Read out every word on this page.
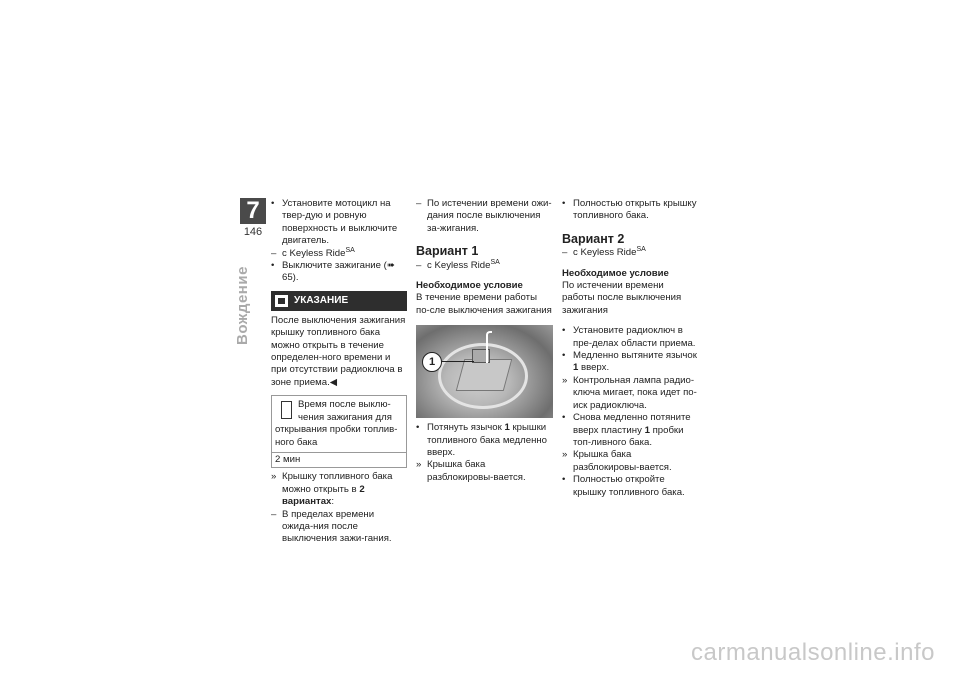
7
146
Вождение

• Установите мотоцикл на твер-дую и ровную поверхность и выключите двигатель.

– с Keyless Ride$^{SA}$

• Выключите зажигание (➠ 65).

УКАЗАНИЕ

После выключения зажигания крышку топливного бака можно открыть в течение определен-ного времени и при отсутствии радиоключа в зоне приема.◀

Время после выклю-чения зажигания для открывания пробки топлив-ного бака
2 мин

» Крышку топливного бака можно открыть в 2 вариантах:

– В пределах времени ожида-ния после выключения зажи-гания.

– По истечении времени ожи-дания после выключения за-жигания.

Вариант 1

– с Keyless Ride$^{SA}$

Необходимое условие

В течение времени работы по-сле выключения зажигания

1

• Потянуть язычок 1 крышки топливного бака медленно вверх.

» Крышка бака разблокировы-вается.

• Полностью открыть крышку топливного бака.

Вариант 2

– с Keyless Ride$^{SA}$

Необходимое условие

По истечении времени работы после выключения зажигания

• Установите радиоключ в пре-делах области приема.

• Медленно вытяните язычок 1 вверх.

» Контрольная лампа радио-ключа мигает, пока идет по-иск радиоключа.

• Снова медленно потяните вверх пластину 1 пробки топ-ливного бака.

» Крышка бака разблокировы-вается.

• Полностью откройте крышку топливного бака.

carmanualsonline.info
